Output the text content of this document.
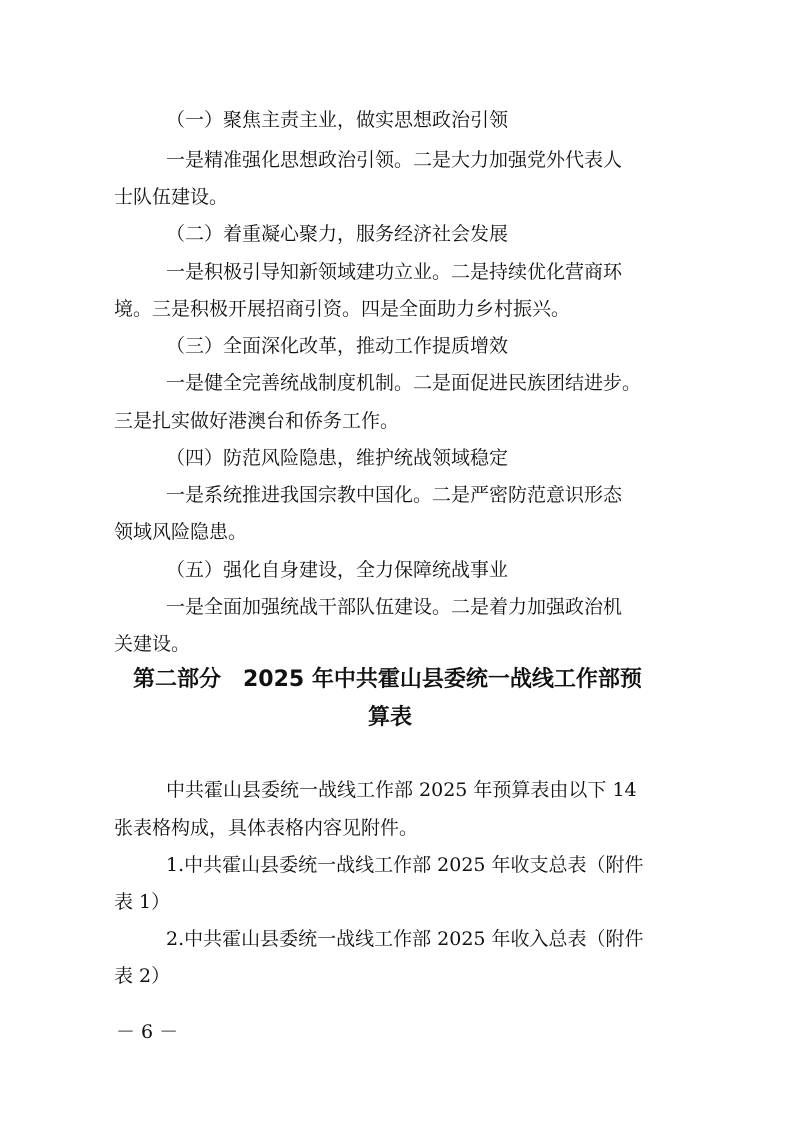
（一）聚焦主责主业，做实思想政治引领
一是精准强化思想政治引领。二是大力加强党外代表人
士队伍建设。
（二）着重凝心聚力，服务经济社会发展
一是积极引导知新领域建功立业。二是持续优化营商环
境。三是积极开展招商引资。四是全面助力乡村振兴。
（三）全面深化改革，推动工作提质增效
一是健全完善统战制度机制。二是面促进民族团结进步。
三是扎实做好港澳台和侨务工作。
（四）防范风险隐患，维护统战领域稳定
一是系统推进我国宗教中国化。二是严密防范意识形态
领域风险隐患。
（五）强化自身建设，全力保障统战事业
一是全面加强统战干部队伍建设。二是着力加强政治机
关建设。
第二部分　2025 年中共霍山县委统一战线工作部预
算表
中共霍山县委统一战线工作部 2025 年预算表由以下 14
张表格构成，具体表格内容见附件。
1.中共霍山县委统一战线工作部 2025 年收支总表（附件
表 1）
2.中共霍山县委统一战线工作部 2025 年收入总表（附件
表 2）
－ 6 －
